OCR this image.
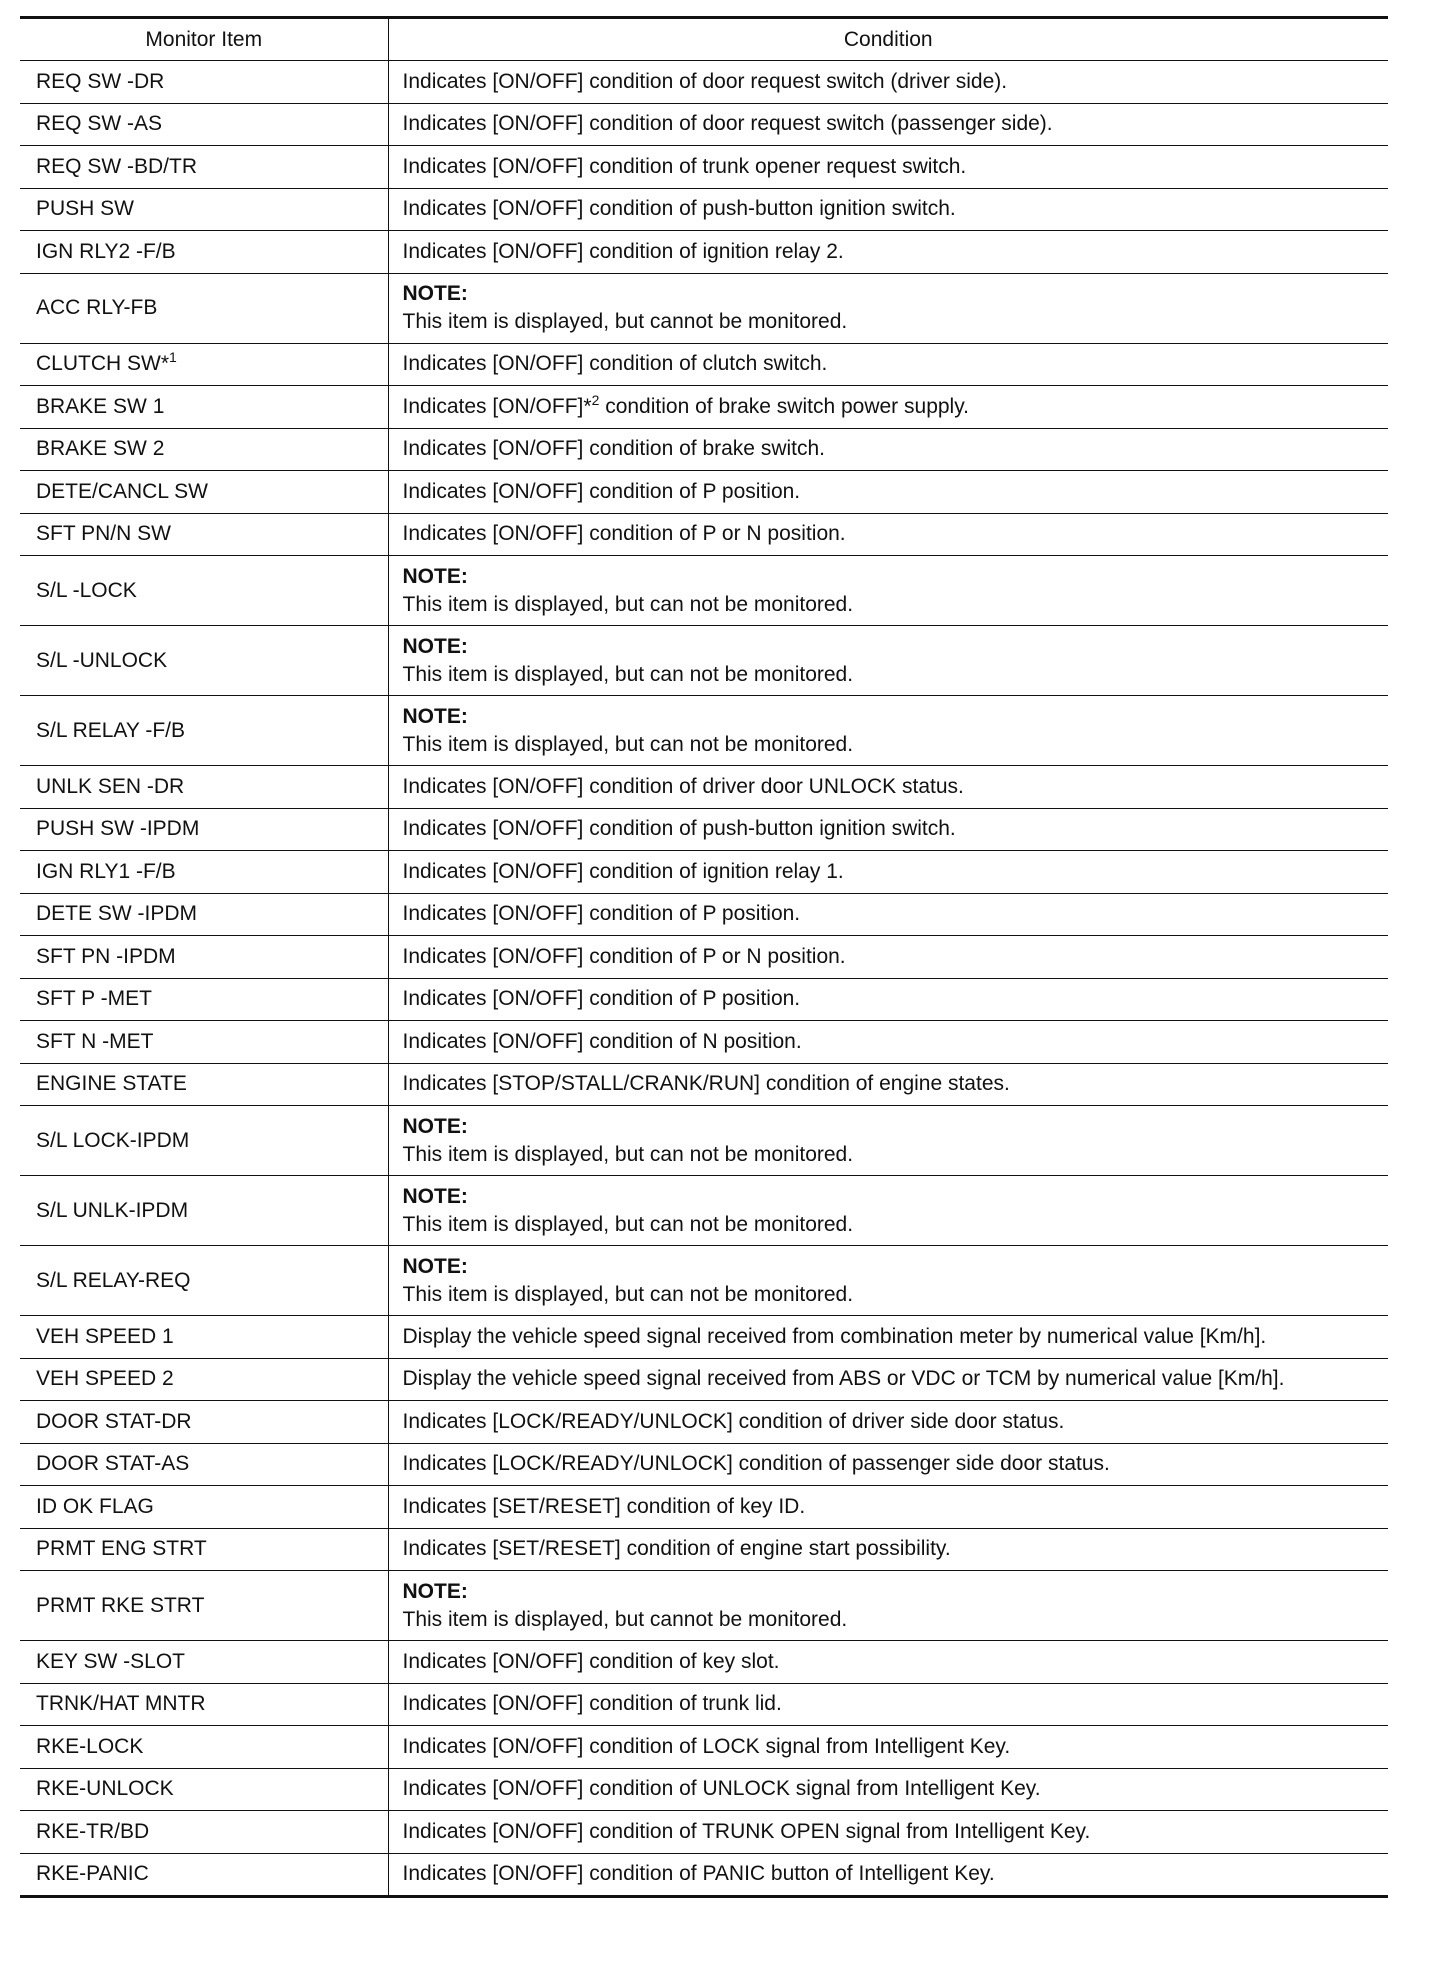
Monitor Item	Condition
REQ SW -DR	Indicates [ON/OFF] condition of door request switch (driver side).
REQ SW -AS	Indicates [ON/OFF] condition of door request switch (passenger side).
REQ SW -BD/TR	Indicates [ON/OFF] condition of trunk opener request switch.
PUSH SW	Indicates [ON/OFF] condition of push-button ignition switch.
IGN RLY2 -F/B	Indicates [ON/OFF] condition of ignition relay 2.
ACC RLY-FB	NOTE:
This item is displayed, but cannot be monitored.

CLUTCH SW*$^1$	Indicates [ON/OFF] condition of clutch switch.
BRAKE SW 1	Indicates [ON/OFF]*$^2$ condition of brake switch power supply.
BRAKE SW 2	Indicates [ON/OFF] condition of brake switch.
DETE/CANCL SW	Indicates [ON/OFF] condition of P position.
SFT PN/N SW	Indicates [ON/OFF] condition of P or N position.
S/L -LOCK	NOTE:
This item is displayed, but can not be monitored.

S/L -UNLOCK	NOTE:
This item is displayed, but can not be monitored.

S/L RELAY -F/B	NOTE:
This item is displayed, but can not be monitored.

UNLK SEN -DR	Indicates [ON/OFF] condition of driver door UNLOCK status.
PUSH SW -IPDM	Indicates [ON/OFF] condition of push-button ignition switch.
IGN RLY1 -F/B	Indicates [ON/OFF] condition of ignition relay 1.
DETE SW -IPDM	Indicates [ON/OFF] condition of P position.
SFT PN -IPDM	Indicates [ON/OFF] condition of P or N position.
SFT P -MET	Indicates [ON/OFF] condition of P position.
SFT N -MET	Indicates [ON/OFF] condition of N position.
ENGINE STATE	Indicates [STOP/STALL/CRANK/RUN] condition of engine states.
S/L LOCK-IPDM	NOTE:
This item is displayed, but can not be monitored.

S/L UNLK-IPDM	NOTE:
This item is displayed, but can not be monitored.

S/L RELAY-REQ	NOTE:
This item is displayed, but can not be monitored.

VEH SPEED 1	Display the vehicle speed signal received from combination meter by numerical value [Km/h].
VEH SPEED 2	Display the vehicle speed signal received from ABS or VDC or TCM by numerical value [Km/h].
DOOR STAT-DR	Indicates [LOCK/READY/UNLOCK] condition of driver side door status.
DOOR STAT-AS	Indicates [LOCK/READY/UNLOCK] condition of passenger side door status.
ID OK FLAG	Indicates [SET/RESET] condition of key ID.
PRMT ENG STRT	Indicates [SET/RESET] condition of engine start possibility.
PRMT RKE STRT	NOTE:
This item is displayed, but cannot be monitored.

KEY SW -SLOT	Indicates [ON/OFF] condition of key slot.
TRNK/HAT MNTR	Indicates [ON/OFF] condition of trunk lid.
RKE-LOCK	Indicates [ON/OFF] condition of LOCK signal from Intelligent Key.
RKE-UNLOCK	Indicates [ON/OFF] condition of UNLOCK signal from Intelligent Key.
RKE-TR/BD	Indicates [ON/OFF] condition of TRUNK OPEN signal from Intelligent Key.
RKE-PANIC	Indicates [ON/OFF] condition of PANIC button of Intelligent Key.
